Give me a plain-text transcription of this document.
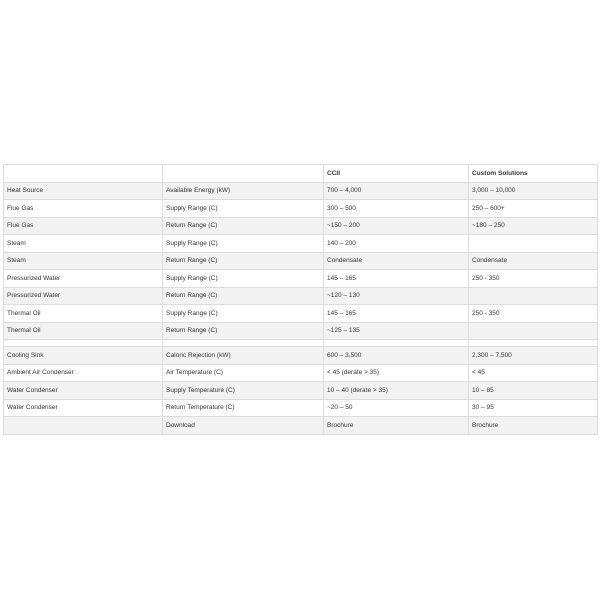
		CCII	Custom Solutions
Heat Source	Available Energy (kW)	700 – 4,000	3,000 – 10,000
Flue Gas	Supply Range (C)	300 – 500	250 – 600+
Flue Gas	Return Range (C)	~150 – 200	~180 – 250
Steam	Supply Range (C)	140 – 200	
Steam	Return Range (C)	Condensate	Condensate
Pressurized Water	Supply Range (C)	145 – 165	250 - 350
Pressurized Water	Return Range (C)	~120 – 130	
Thermal Oil	Supply Range (C)	145 – 165	250 - 350
Thermal Oil	Return Range (C)	~125 – 135	

Cooling Sink	Caloric Rejection (kW)	600 – 3,500	2,300 – 7,500
Ambient Air Condenser	Air Temperature (C)	< 45 (derate > 35)	< 45
Water Condenser	Supply Temperature (C)	10 – 40 (derate > 35)	10 – 85
Water Condenser	Return Temperature (C)	~20 – 50	30 – 95
	Download	Brochure	Brochure
